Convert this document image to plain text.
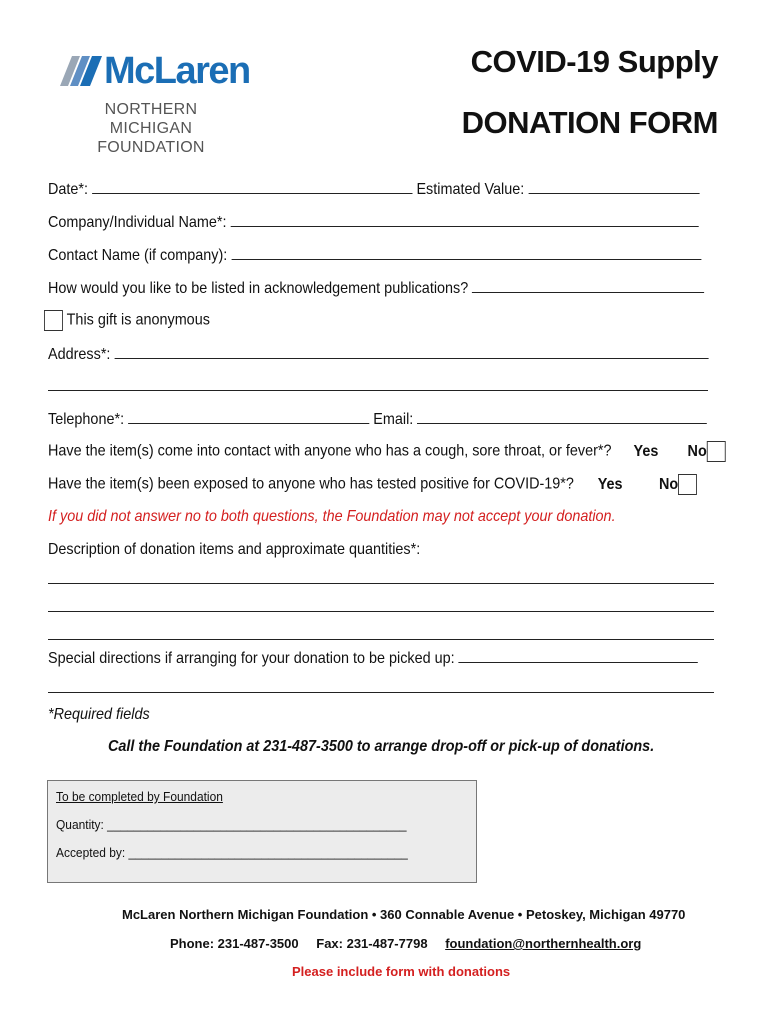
McLaren
NORTHERN MICHIGAN
FOUNDATION
COVID-19 Supply
DONATION FORM
Date*:	Estimated Value:
Company/Individual Name*:
Contact Name (if company):
How would you like to be listed in acknowledgement publications?
This gift is anonymous
Address*:
Telephone*:	Email:
Have the item(s) come into contact with anyone who has a cough, sore throat, or fever*? Yes No
Have the item(s) been exposed to anyone who has tested positive for COVID-19*? Yes No
If you did not answer no to both questions, the Foundation may not accept your donation.
Description of donation items and approximate quantities*:
Special directions if arranging for your donation to be picked up:
*Required fields
Call the Foundation at 231-487-3500 to arrange drop-off or pick-up of donations.
To be completed by Foundation
Quantity: _____________________________________________
Accepted by: __________________________________________
McLaren Northern Michigan Foundation • 360 Connable Avenue • Petoskey, Michigan 49770
Phone: 231-487-3500 Fax: 231-487-7798 foundation@northernhealth.org
Please include form with donations
